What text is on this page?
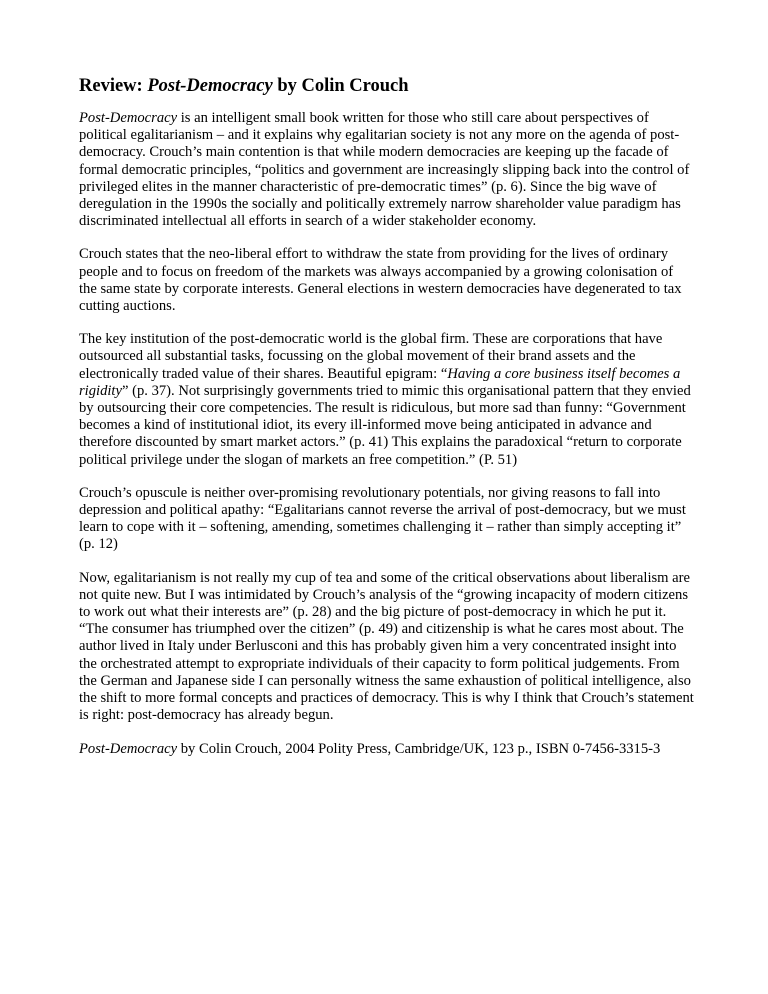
Review: Post-Democracy by Colin Crouch

Post-Democracy is an intelligent small book written for those who still care about perspectives of political egalitarianism – and it explains why egalitarian society is not any more on the agenda of post-democracy. Crouch’s main contention is that while modern democracies are keeping up the facade of formal democratic principles, “politics and government are increasingly slipping back into the control of privileged elites in the manner characteristic of pre-democratic times” (p. 6). Since the big wave of deregulation in the 1990s the socially and politically extremely narrow shareholder value paradigm has discriminated intellectual all efforts in search of a wider stakeholder economy.

Crouch states that the neo-liberal effort to withdraw the state from providing for the lives of ordinary people and to focus on freedom of the markets was always accompanied by a growing colonisation of the same state by corporate interests. General elections in western democracies have degenerated to tax cutting auctions.

The key institution of the post-democratic world is the global firm. These are corporations that have outsourced all substantial tasks, focussing on the global movement of their brand assets and the electronically traded value of their shares. Beautiful epigram: “Having a core business itself becomes a rigidity” (p. 37). Not surprisingly governments tried to mimic this organisational pattern that they envied by outsourcing their core competencies. The result is ridiculous, but more sad than funny: “Government becomes a kind of institutional idiot, its every ill-informed move being anticipated in advance and therefore discounted by smart market actors.” (p. 41) This explains the paradoxical “return to corporate political privilege under the slogan of markets an free competition.” (P. 51)

Crouch’s opuscule is neither over-promising revolutionary potentials, nor giving reasons to fall into depression and political apathy: “Egalitarians cannot reverse the arrival of post-democracy, but we must learn to cope with it – softening, amending, sometimes challenging it – rather than simply accepting it” (p. 12)

Now, egalitarianism is not really my cup of tea and some of the critical observations about liberalism are not quite new. But I was intimidated by Crouch’s analysis of the “growing incapacity of modern citizens to work out what their interests are” (p. 28) and the big picture of post-democracy in which he put it. “The consumer has triumphed over the citizen” (p. 49) and citizenship is what he cares most about. The author lived in Italy under Berlusconi and this has probably given him a very concentrated insight into the orchestrated attempt to expropriate individuals of their capacity to form political judgements. From the German and Japanese side I can personally witness the same exhaustion of political intelligence, also the shift to more formal concepts and practices of democracy. This is why I think that Crouch’s statement is right: post-democracy has already begun.

Post-Democracy by Colin Crouch, 2004 Polity Press, Cambridge/UK, 123 p., ISBN 0-7456-3315-3
